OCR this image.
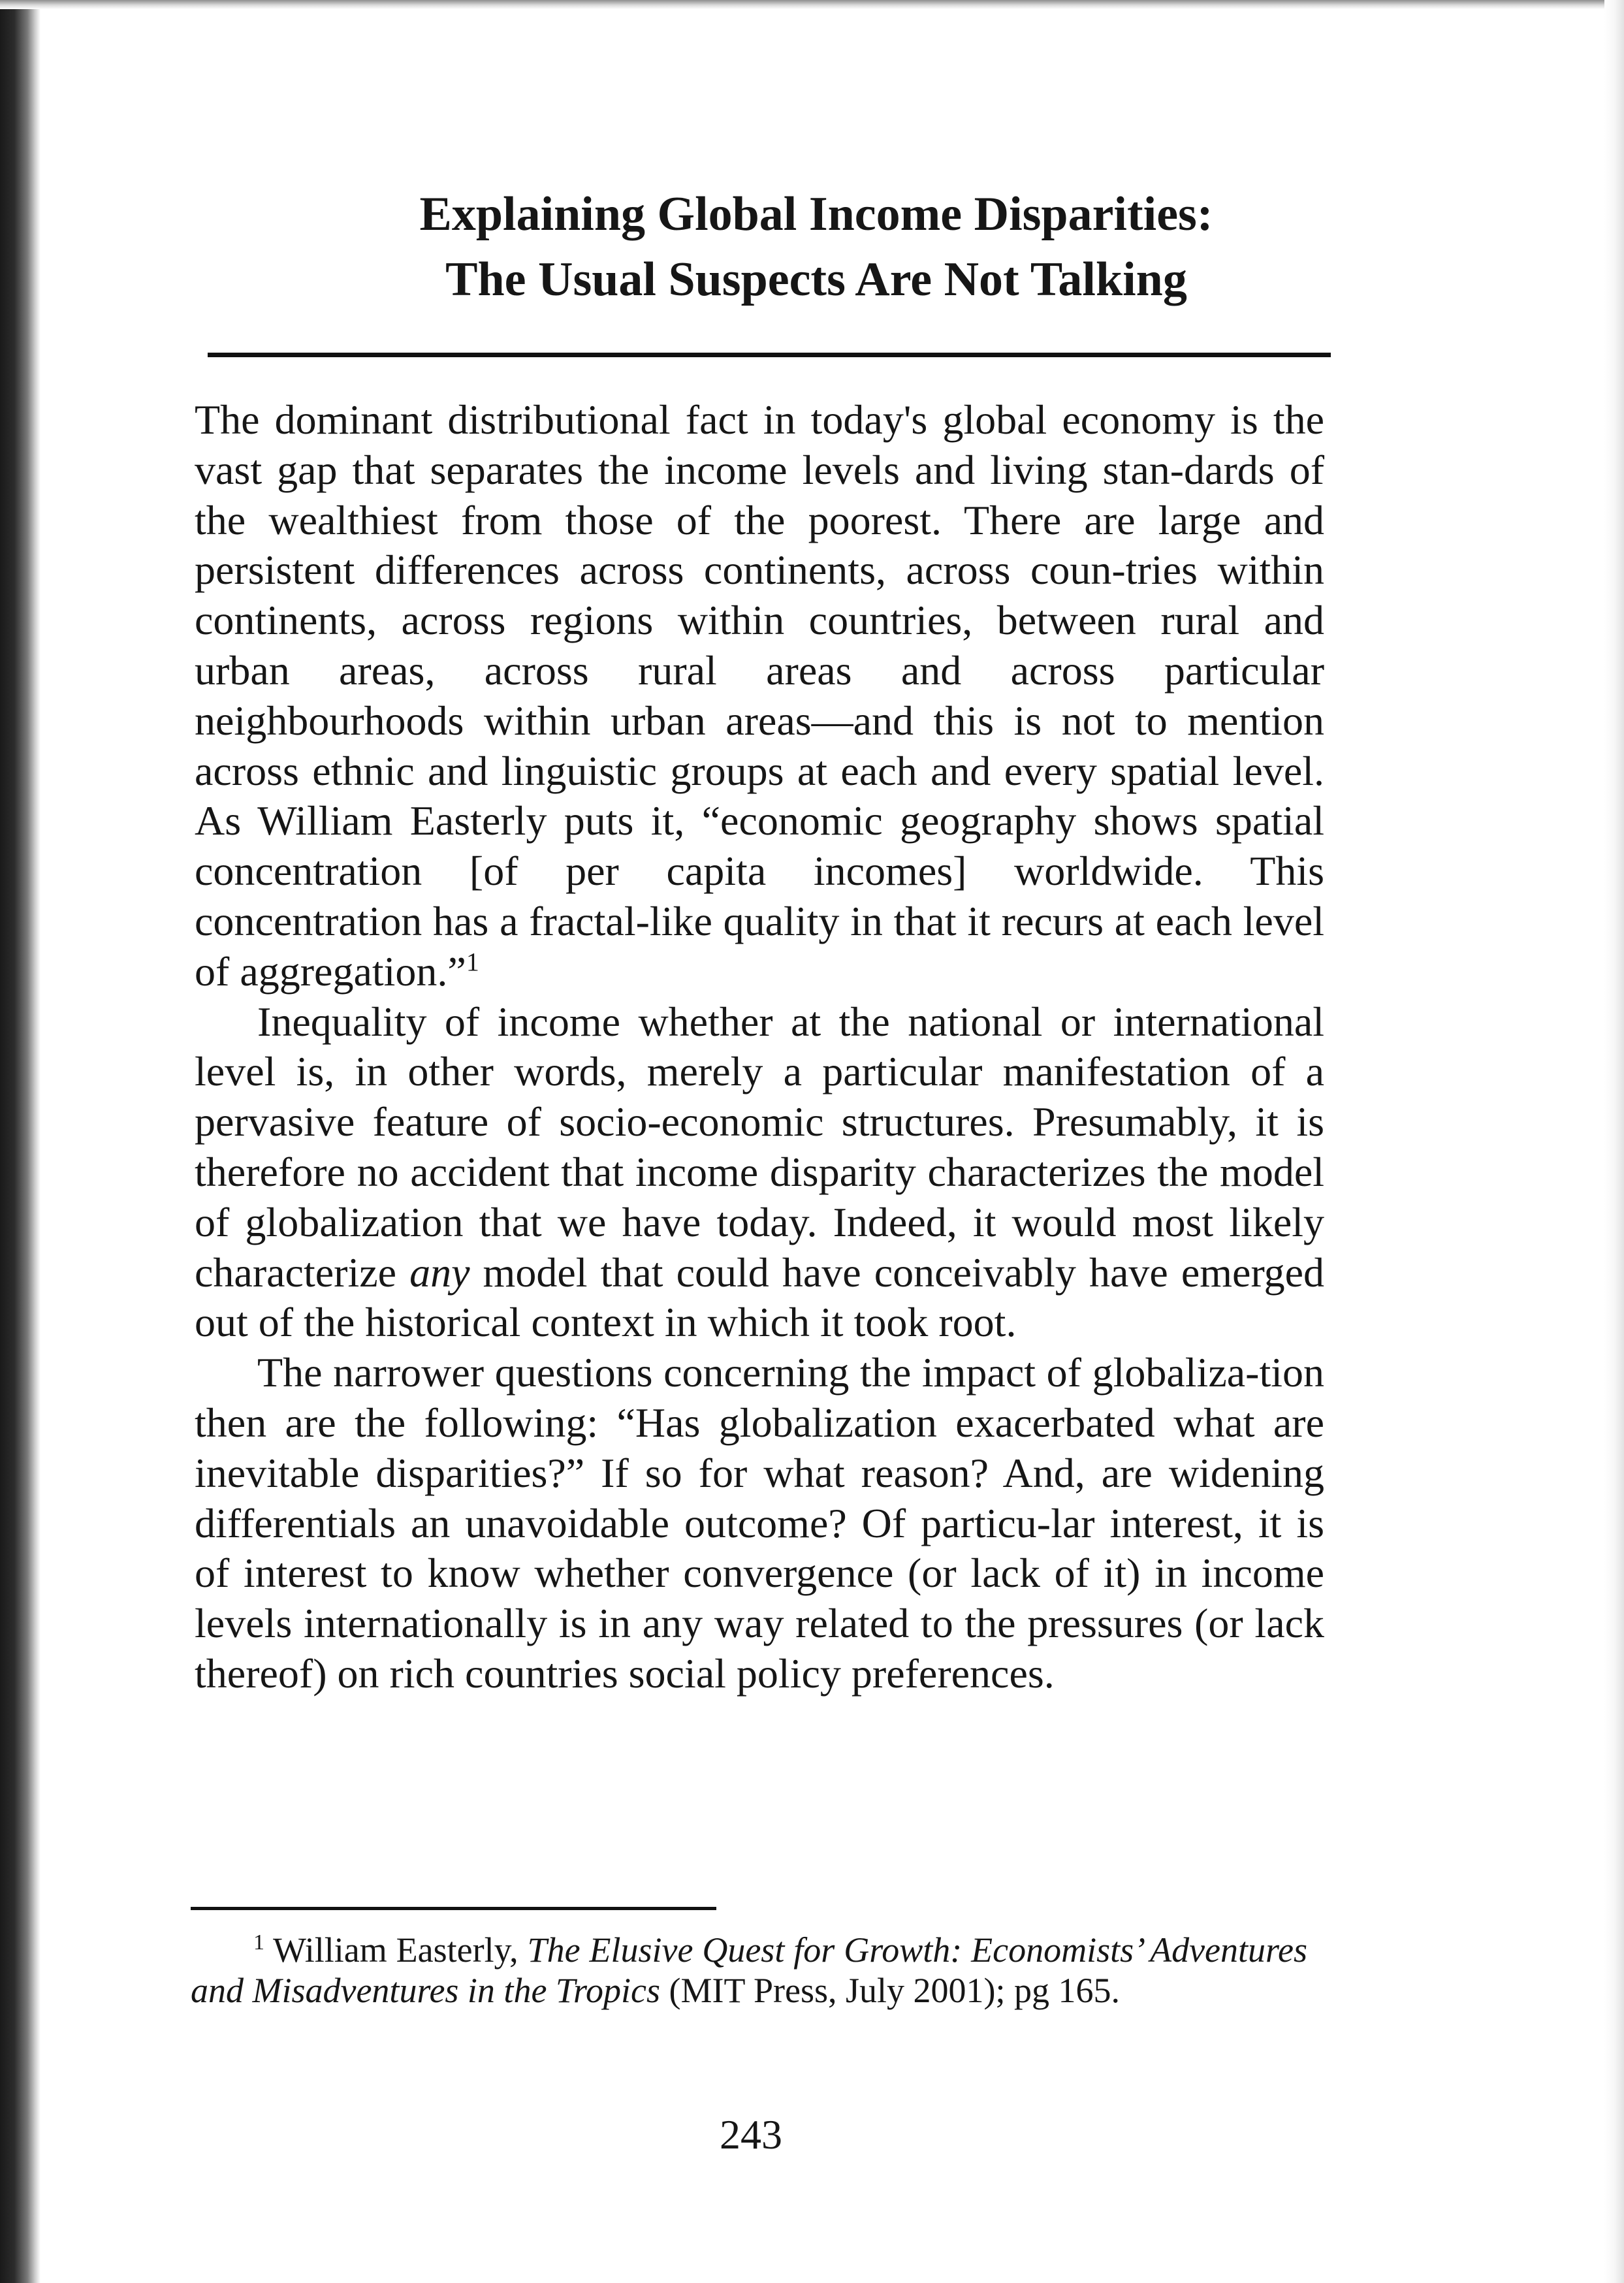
Explaining Global Income Disparities:
The Usual Suspects Are Not Talking

The dominant distributional fact in today's global economy is the vast gap that separates the income levels and living stan-dards of the wealthiest from those of the poorest. There are large and persistent differences across continents, across coun-tries within continents, across regions within countries, between rural and urban areas, across rural areas and across particular neighbourhoods within urban areas—and this is not to mention across ethnic and linguistic groups at each and every spatial level. As William Easterly puts it, “economic geography shows spatial concentration [of per capita incomes] worldwide. This concentration has a fractal-like quality in that it recurs at each level of aggregation.”$^1$

Inequality of income whether at the national or international level is, in other words, merely a particular manifestation of a pervasive feature of socio-economic structures. Presumably, it is therefore no accident that income disparity characterizes the model of globalization that we have today. Indeed, it would most likely characterize any model that could have conceivably have emerged out of the historical context in which it took root.

The narrower questions concerning the impact of globaliza-tion then are the following: “Has globalization exacerbated what are inevitable disparities?” If so for what reason? And, are widening differentials an unavoidable outcome? Of particu-lar interest, it is of interest to know whether convergence (or lack of it) in income levels internationally is in any way related to the pressures (or lack thereof) on rich countries social policy preferences.

$^1$ William Easterly, The Elusive Quest for Growth: Economists’ Adventures and Misadventures in the Tropics (MIT Press, July 2001); pg 165.

243
